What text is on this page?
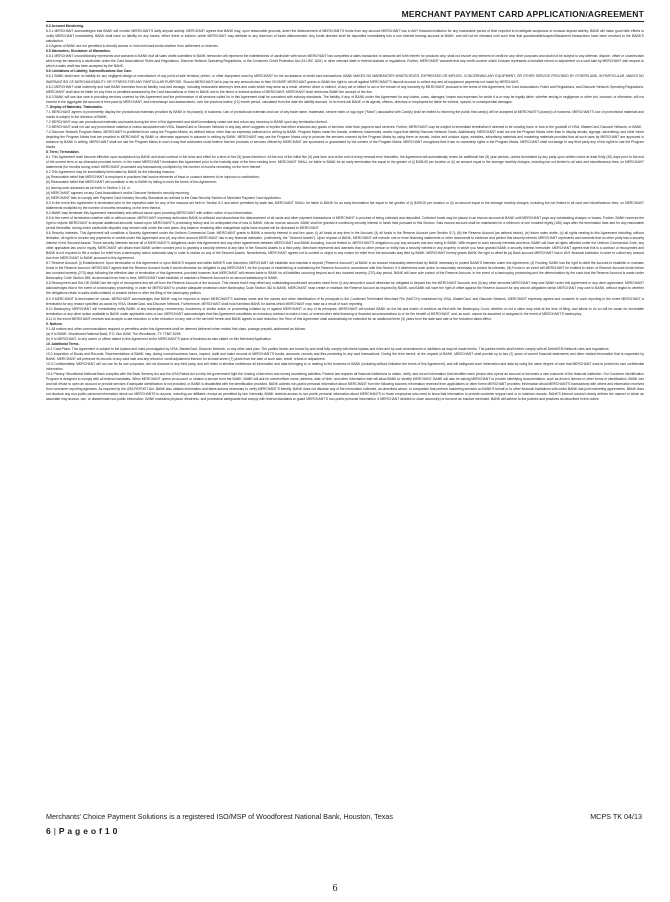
MERCHANT PAYMENT CARD APPLICATION/AGREEMENT

6.3 Account Monitoring.

6.3.1 MERCHANT acknowledges that BANK will monitor MERCHANT'S daily deposit activity. MERCHANT agrees that BANK may, upon reasonable grounds, divert the disbursement of MERCHANT'S funds from any account MERCHANT has in ANY financial institution for any reasonable period of time required to investigate suspicious or unusual deposit activity. BANK will make good faith efforts to notify MERCHANT immediately. BANK shall have no liability for any losses, either direct or indirect, which MERCHANT may attribute to any diversion of funds disbursement. Any funds diverted shall be deposited immediately into a non interest bearing account at BANK, and will not be released until such time that questionable/suspect/fraudulent transactions have been resolved to the BANK'S satisfaction.

6.4 Agents of BANK are not permitted to directly access or hold merchant funds whether from settlement or reserves.

6.5 Warranties; Disclaimer of Warranties.

6.5.1 MERCHANT unconditionally represents and warrants to BANK that all sales drafts submitted to BANK hereunder will represent the indebtedness of cardholder with whom MERCHANT has completed a sales transaction in amounts set forth therein for products only, shall not involve any element of credit for any other purposes and shall not be subject to any defense, dispute, offset or counterclaim which may be raised by a cardholder under the Card Associations' Rules and Regulations, Discover Network Operating Regulations, or the Consumer Credit Protection Act (15 USC 1601) or other relevant state or federal statutes or regulations. Further, MERCHANT warrants that any credit voucher which it issues represents a bonafide refund or adjustment on a card sale by MERCHANT with respect to which a sales draft has been accepted by the BANK.

6.6 Limitations of Liability; Indemnifications Due Care.

6.6.1 BANK shall have no liability for any negligent design or manufacture of any point-of-sale terminal, printer, or other equipment used by MERCHANT for the acceptance of credit card transactions. BANK MAKES NO WARRANTIES WHATSOEVER, EXPRESSED OR IMPLIED, CONCERNING ANY EQUIPMENT, OR OTHER SERVICE PROVIDED BY OTHERS AND, IN PARTICULAR, MAKES NO WARRANTIES OF MERCHANTABILITY OR FITNESS FOR ANY PARTICULAR PURPOSE. Should MERCHANT fail to pay for any amounts due to their ISO/MSP, MERCHANT grants to BANK the right to set-off against MERCHANT'S deposit account to collect any and all equipment payments not made by MERCHANT.

6.6.2 MERCHANT shall indemnify and hold BANK harmless from all liability, loss and damage, including reasonable attorney's fees and costs which may arise as a result, whether direct or indirect, of any act or failure to act or the breach of any warranty by MERCHANT pursuant to the terms of this Agreement, the Card Associations' Rules and Regulations, and Discover Network Operating Regulations. MERCHANT shall also be liable for any fines or penalties assessed by the Card Associations or fines to BANK due to the direct or indirect actions of MERCHANT; MERCHANT shall reimburse BANK the amount of the fine.

6.6.3 BANK will use due care in providing services covered by this Agreement and the performance of all services called for in this Agreement shall be consistent with industry standards. The liability, if any, of BANK under this Agreement for any claims, costs, damages, losses and expenses for which it is or may be legally liable, whether arising in negligence or other tort, contract, or otherwise, will not exceed in the aggregate the amount of fees paid by MERCHANT, less interchange and assessments, over the previous twelve (12) month period, calculated from the date the liability accrued. In no event will BANK or its agents, officers, directors or employees be liable for indirect, special, or consequential damages.

7. Display of Materials; Trademarks.

7.1 MERCHANT agrees to prominently display the promotional materials provided by BANK in its place(s) of business. Use of promotional materials and use of any trade name, trademark, service mark or logo type ("Mark") associated with Card(s) shall be limited to informing the public that card(s) will be accepted at MERCHANT'S place(s) of business. MERCHANT'S use of promotional materials and marks is subject to the direction of BANK.

7.2 MERCHANT may use promotional materials and marks during the term of the Agreement and shall immediately cease use and return any inventory to BANK upon any termination thereof.

7.3 MERCHANT shall not use any promotional material or marks associated with VISA, MasterCard or Discover Network in any way which suggests or implies that either endorses any goods or services other than payment card services. Further, MERCHANT may be subject to immediate termination if deemed to be creating harm or loss to the goodwill of VISA, MasterCard, Discover Network, or BANK.

7.4 Discover Network Program Marks. MERCHANT is prohibited from using the Program Marks, as defined below, other than as expressly authorized in writing by BANK. Program Marks mean the brands, emblems, trademarks, and/or logos that identify Discover Network Cards. Additionally, MERCHANT shall not use the Program Marks other than to display decals, signage, advertising, and other forms depicting the Program Marks that are provided to MERCHANT by BANK or otherwise approved in advance in writing by BANK. MERCHANT may use the Program Marks only to promote the services covered by the Program Marks by using them on decals, indoor and outdoor signs, websites, advertising materials and marketing materials provided that all such uses by MERCHANT are approved in advance by BANK in writing. MERCHANT shall not use the Program Marks in such a way that customers could believe that the products or services offered by MERCHANT are sponsored or guaranteed by the owners of the Program Marks. MERCHANT recognizes that it has no ownership rights in the Program Marks. MERCHANT shall not assign to any third party any of the rights to use the Program Marks.

8. Term; Termination.

8.1 This Agreement shall become effective upon acceptance by BANK and shall continue in full force and effect for a term of five (5) years therefrom. At the end of the initial five (5) year term and at the end of every renewal term thereafter, the Agreement will automatically renew for additional five (5) year periods, unless terminated by any party upon written notice at least thirty (30) days prior to the end of the current term or as otherwise provided herein. In the event MERCHANT terminates this Agreement prior to the maturity date of the then existing term, MERCHANT SHALL be liable to BANK for an early termination fee equal to the greater of (i) $495.00 per location or (ii) an amount equal to the average monthly charges, including but not limited to all card and miscellaneous fees, on MERCHANT statements (for months during which MERCHANT processed any transactions) multiplied by the number of months remaining on the term thereof.

8.2 This Agreement may be immediately terminated by BANK for the following reasons:

(a) Reasonable belief that MERCHANT is employed in practices that involve elements of fraud or conduct deemed to be injurious to cardholders;

(b) Reasonable belief that MERCHANT will constitute a risk to BANK by failing to meet the terms of this Agreement;

(c) Issuing such advances as set forth in Section 2.14; or

(d) MERCHANT appears on any Card Association's and/or Discover Network's security reporting.

(e) MERCHANT fails to comply with Payment Card Industry Security Standards as outlined in the Data Security Section of Merchant Payment Card Application.

8.3 In the event this Agreement is terminated prior to the expiration date for any of the reasons set forth in Section 8.2 and when permitted by state law, MERCHANT SHALL be liable to BANK for an early termination fee equal to the greater of (i) $495.00 per location or (ii) an amount equal to the average monthly charges, including but not limited to all card and miscellaneous fees, on MERCHANT statements multiplied by the number of months remaining on the term thereof.

8.4 BANK may terminate this Agreement immediately and without cause upon providing MERCHANT with written notice of such termination.

8.5 In the event of termination whether with or without cause, MERCHANT expressly authorizes BANK to withhold and discontinue the disbursement of all cards and other payment transactions of MERCHANT in process of being collected and deposited. Collected funds may be placed in an escrow account at BANK until MERCHANT pays any outstanding charges or losses. Further, BANK reserves the right to require MERCHANT to deposit additional amounts, based upon MERCHANT'S processing history and /or anticipated risk of loss to BANK, into an escrow account. BANK shall be granted a continuing security interest in funds held pursuant to this Section. Said escrow account shall be maintained for a minimum of one hundred eighty (180) days after the termination date and for any reasonable period thereafter, during which cardholder disputes may remain valid under the card plans. Any balance remaining after chargeback rights have expired will be disbursed to MERCHANT.

8.6 Security Interests. This Agreement will constitute a Security Agreement under the Uniform Commercial Code. MERCHANT grants to BANK a security interest in and lien upon: (i) all funds at any time in the Account; (ii) all funds in the Reserve Account (see Section 8.7); (iii) the Reserve Account (as defined below), (iv) future sales drafts, (v) all rights relating to this Agreement including, without limitation, all rights to receive any payments or credits under this Agreement and (vi) any other account MERCHANT has in any financial institution, (collectively, the "Secured Assets"). Upon request of BANK, MERCHANT will execute one or more financing statements or other documents to evidence and perfect this security interest. MERCHANT represents and warrants that no other party has a security interest in the Secured Assets. These security interests secure all of MERCHANT'S obligations under this Agreement and any other agreements between MERCHANT and BANK including, but not limited to, MERCHANT'S obligation to pay any amounts due and owing to BANK. With respect to such security interests and liens, BANK will have all rights afforded under the Uniform Commercial Code, any other applicable law and in equity. MERCHANT will obtain from BANK written consent prior to granting a security interest of any kind in the Secured Assets to a third party. Merchant represents and warrants that no other person or entity has a security interest in any property in which you have granted BANK a security interest hereunder. MERCHANT agrees that this is a contract of recoupment and BANK is not required to file a motion for relief from a bankruptcy action automatic stay in order to realize on any of the Secured Assets. Nevertheless, MERCHANT agrees not to contest or object to any motion for relief from the automatic stay filed by BANK. MERCHANT hereby grants BANK the right to offset its (a) Bank account MERCHANT has in ANY financial institution in order to collect any amount due from MERCHANT to BANK pursuant to this Agreement.

8.7 Reserve Account. (i) Establishment: Upon termination of this Agreement or upon BANK'S request and within BANK'S sole discretion, MERCHANT will establish and maintain a deposit ("Reserve Account") at BANK in an amount reasonably determined by BANK necessary to protect BANK'S interests under this Agreement. (ii) Funding: BANK has the right to debit the Account to establish or maintain funds in the Reserve Account. MERCHANT agrees that the Reserve Account funds it would otherwise be obligated to pay MERCHANT, for the purpose of establishing or maintaining the Reserve Account in accordance with this Section, if it determines such action is reasonably necessary to protect its interests. (iii) Funds in an event will MERCHANT be entitled to return of Reserve Account funds before two hundred seventy (270) days following the effective date of termination of this Agreement, provided however, that MERCHANT will remain liable to BANK for all liabilities occurring beyond such two hundred seventy (270) day period. BANK will have sole control of the Reserve Account. In the event of a bankruptcy proceeding and the determination by the court that the Reserve Account is made under Bankruptcy Code Section 365, as amended from time to time, MERCHANT shall establish or maintain a Reserve Account in an amount satisfactory to BANK.

8.8 Recoupment and Set-Off. BANK has the right of recoupment and set-off from the Reserve Account or the Account. This means that it may offset any outstanding/uncollected amounts owed from: (i) any amounts it would otherwise be obligated to deposit into the MERCHANT Account; and (ii) any other amounts MERCHANT may owe BANK under this Agreement or any other agreement. MERCHANT acknowledges that in the event of a bankruptcy proceeding, in order for MERCHANT to provide adequate protection under Bankruptcy Code Section 362 to BANK, MERCHANT must create or maintain the Reserve Account as required by BANK, and BANK will have the right of offset against the Reserve Account for any and all obligations which MERCHANT may owe to BANK, without regard to whether the obligations relate to sales drafts initiated or created before or after the filing of the bankruptcy petition.

8.9 If MERCHANT is terminated for cause, MERCHANT acknowledges that BANK may be required to report MERCHANT'S business name and the names and other identification of its principals to the Combined Terminated Merchant File (MATCH) maintained by VISA, MasterCard, and Discover Network. MERCHANT expressly agrees and consents to such reporting in the event MERCHANT is terminated for any reason specified as cause by VISA, MasterCard, and Discover Network. Furthermore, MERCHANT shall hold harmless BANK for claims which MERCHANT may raise as a result of such reporting.

8.10 Bankruptcy. MERCHANT will immediately notify BANK of any bankruptcy, receivership, insolvency or similar action or proceeding initiated by or against MERCHANT or any of its principals. MERCHANT will include BANK on the list and matrix of creditors as filed with the Bankruptcy Court, whether or not a claim may exist at the time of filing, and failure to do so will be cause for immediate termination or any other action available to BANK under applicable rules or law. MERCHANT acknowledges that this Agreement constitutes an executory contract to make a loan, or extend other debt financing or financial accommodations to or for the benefit of MERCHANT, and, as such, cannot be assumed or assigned in the event of MERCHANT'S bankruptcy.

8.11 In the event MERCHANT receives and accepts a rate reduction or a fee reduction on any rate or fee set forth herein and BANK agrees to said reduction, the Term of this Agreement shall automatically be extended for an additional three (3) years from the date said rate or fee reduction takes effect.

9. Notices.

9.1 All notices and other communications required or permitted under this Agreement shall be deemed delivered when mailed first class, postage prepaid, addressed as follows:

(a) If to BANK: Woodforest National Bank, P.O. Box 8208, The Woodlands, TX 77387-8208

(b) If to MERCHANT, to any owner or officer stated in this Agreement at the MERCHANT'S place of business as also stated on this Merchant Application.

10. Additional Terms.

10.1 Card Plans. This Agreement is subject to the bylaws and rules promulgated by VISA, MasterCard, Discover Network, or any other card plan. The parties hereto are bound by and shall fully comply with these bylaws and rules and by such amendments or additions as may be made hereto. The parties hereto shall further comply with all Debit/ATM Network rules and regulations.

10.2 Inspection of Books and Records. Representatives of BANK may, during normal business hours, inspect, audit and make records of MERCHANT'S books, accounts, records and files pertaining to any card transactions. During the term hereof, at the request of BANK, MERCHANT shall provide up to two (2) years of current financial statements and other related information that is requested by BANK. MERCHANT will preserve its records of any card sale and any refund or credit adjustment thereon for at least seven (7) years from the date of such sale, credit, refund or adjustment.

10.3 Confidentiality. MERCHANT will not use for its own purposes, will not disclose to any third party, and will retain in strictest confidence all information and data belonging to or relating to the business of BANK (including without limitation the terms of this Agreement), and will safeguard such information and data by using the same degree of care that MERCHANT uses to protect its own confidential information.

10.4 Privacy. Woodforest National Bank complies with the Bank Secrecy Act and the USA Patriot Act to help the government fight the funding of terrorism and money laundering activities. Federal law requires all financial institutions to obtain, verify, and record information that identifies each person who opens an account or becomes a new customer of the financial institution. Our Customer Identification Program is designed to comply with all federal mandates. When MERCHANT opens an account or obtains a service from the BANK, BANK will ask for owner/officer name, address, date of birth, and other information that will allow BANK to identify MERCHANT. BANK will also be asking MERCHANT to provide identifying documentation, such as driver's license or other forms of identification. BANK can and will refuse to open an account or provide services if adequate identification is not provided, or BANK is dissatisfied with the identification provided. BANK collects non-public personal information about MERCHANT from the following sources: information received from applications or other forms MERCHANT provides; information about MERCHANT'S transactions with others and information received from consumer reporting agencies. As required by the USA PATRIOT Act, BANK also obtains information and takes actions necessary to verify MERCHANT'S identity. BANK does not disclose any of the information collected, as described above, to companies that perform marketing services on BANK'S behalf or to other financial institutions with which BANK has joint marketing agreements. BANK does not disclose any non-public personal information about our MERCHANTS to anyone, including our affiliates, except as permitted by law. Internally, BANK restricts access to non-public personal information about MERCHANTS to those employees who need to know that information to provide customer support and or to maintain records. BANK'S internal conduct clearly defines the manner in which an associate may access, use, or disseminate non-public information. BANK maintains physical, electronic, and procedural safeguards that comply with federal standards to guard MERCHANT'S non-public personal information. If MERCHANT decides to close account(s) or become an inactive merchant, BANK will adhere to the policies and practices as described in this notice.

Merchants' Choice Payment Solutions is a registered ISO/MSP of Woodforest National Bank, Houston, Texas	MCPS TK 04/13
6 | P a g e o f 1 0
6
